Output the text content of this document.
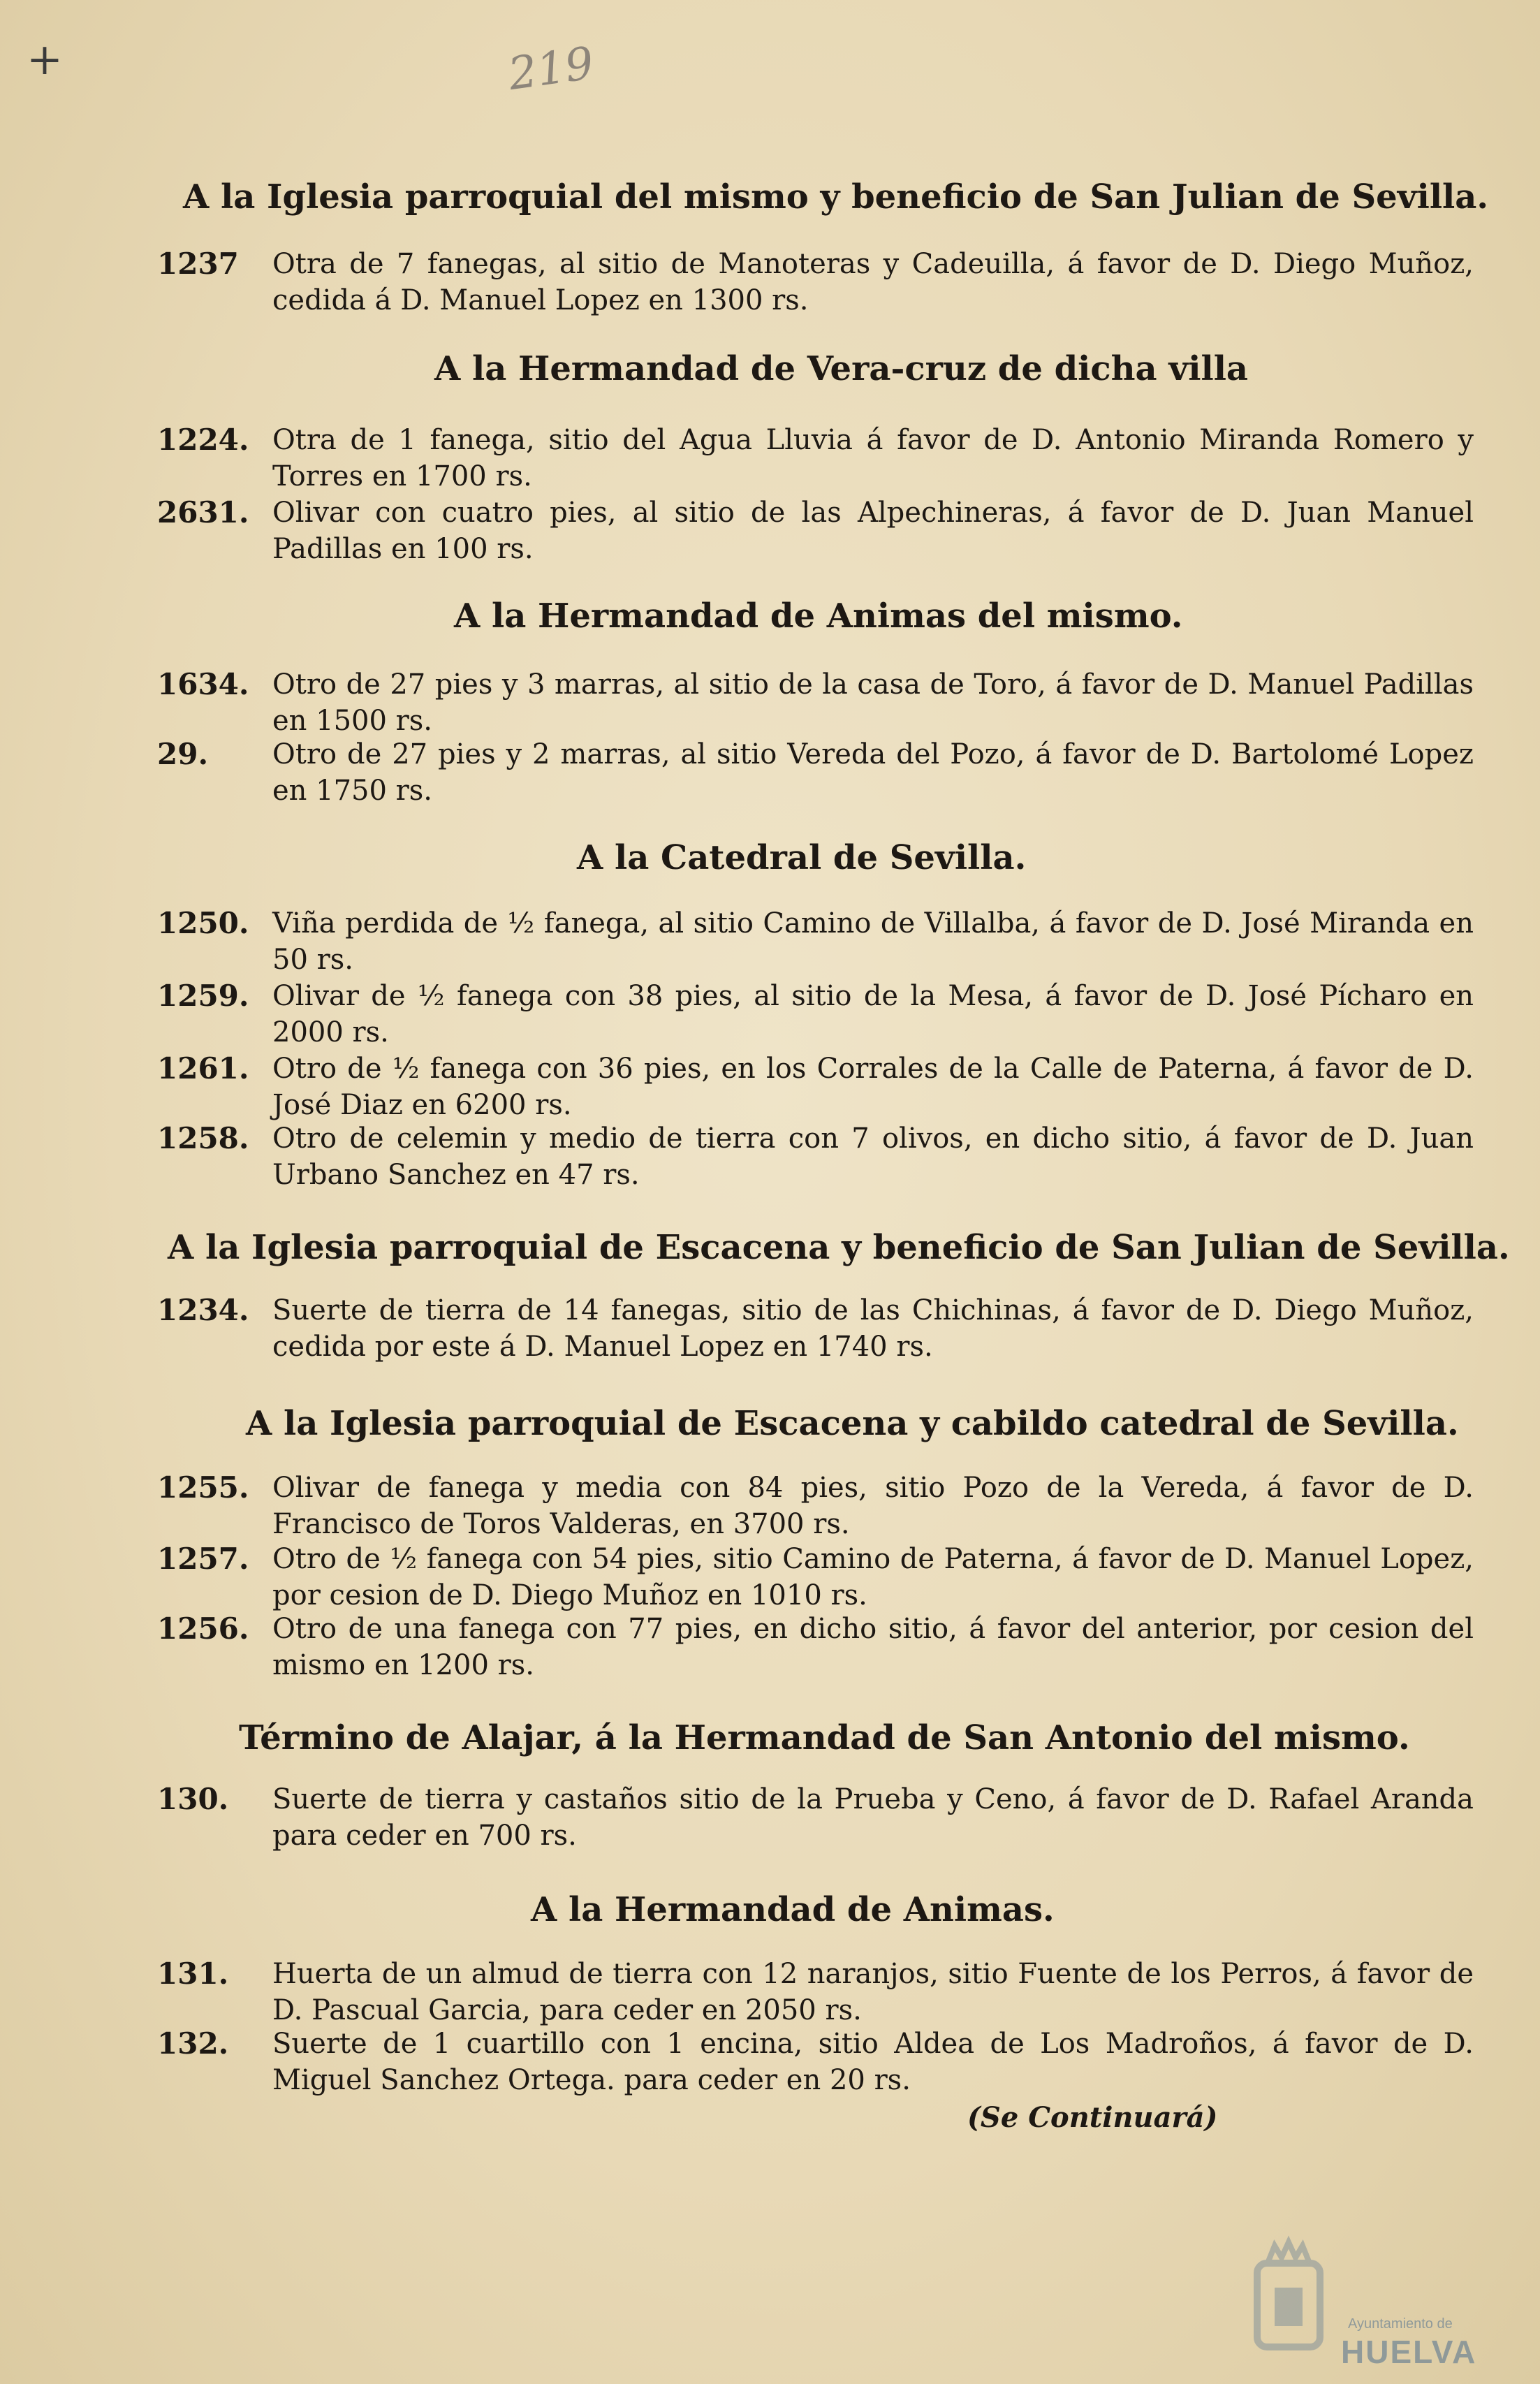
+	219
A la Iglesia parroquial del mismo y beneficio de San Julian de Sevilla.
1237 Otra de 7 fanegas, al sitio de Manoteras y Cadeuilla, á favor de D. Diego Muñoz, cedida á D. Manuel Lopez en 1300 rs.
A la Hermandad de Vera-cruz de dicha villa
1224. Otra de 1 fanega, sitio del Agua Lluvia á favor de D. Antonio Miranda Romero y Torres en 1700 rs.
2631. Olivar con cuatro pies, al sitio de las Alpechineras, á favor de D. Juan Manuel Padillas en 100 rs.
A la Hermandad de Animas del mismo.
1634. Otro de 27 pies y 3 marras, al sitio de la casa de Toro, á favor de D. Manuel Padillas en 1500 rs.
29. Otro de 27 pies y 2 marras, al sitio Vereda del Pozo, á favor de D. Bartolomé Lopez en 1750 rs.
A la Catedral de Sevilla.
1250. Viña perdida de ½ fanega, al sitio Camino de Villalba, á favor de D. José Miranda en 50 rs.
1259. Olivar de ½ fanega con 38 pies, al sitio de la Mesa, á favor de D. José Pícharo en 2000 rs.
1261. Otro de ½ fanega con 36 pies, en los Corrales de la Calle de Paterna, á favor de D. José Diaz en 6200 rs.
1258. Otro de celemin y medio de tierra con 7 olivos, en dicho sitio, á favor de D. Juan Urbano Sanchez en 47 rs.
A la Iglesia parroquial de Escacena y beneficio de San Julian de Sevilla.
1234. Suerte de tierra de 14 fanegas, sitio de las Chichinas, á favor de D. Diego Muñoz, cedida por este á D. Manuel Lopez en 1740 rs.
A la Iglesia parroquial de Escacena y cabildo catedral de Sevilla.
1255. Olivar de fanega y media con 84 pies, sitio Pozo de la Vereda, á favor de D. Francisco de Toros Valderas, en 3700 rs.
1257. Otro de ½ fanega con 54 pies, sitio Camino de Paterna, á favor de D. Manuel Lopez, por cesion de D. Diego Muñoz en 1010 rs.
1256. Otro de una fanega con 77 pies, en dicho sitio, á favor del anterior, por cesion del mismo en 1200 rs.
Término de Alajar, á la Hermandad de San Antonio del mismo.
130. Suerte de tierra y castaños sitio de la Prueba y Ceno, á favor de D. Rafael Aranda para ceder en 700 rs.
A la Hermandad de Animas.
131. Huerta de un almud de tierra con 12 naranjos, sitio Fuente de los Perros, á favor de D. Pascual Garcia, para ceder en 2050 rs.
132. Suerte de 1 cuartillo con 1 encina, sitio Aldea de Los Madroños, á favor de D. Miguel Sanchez Ortega. para ceder en 20 rs.
(Se Continuará)
Ayuntamiento de
HUELVA
